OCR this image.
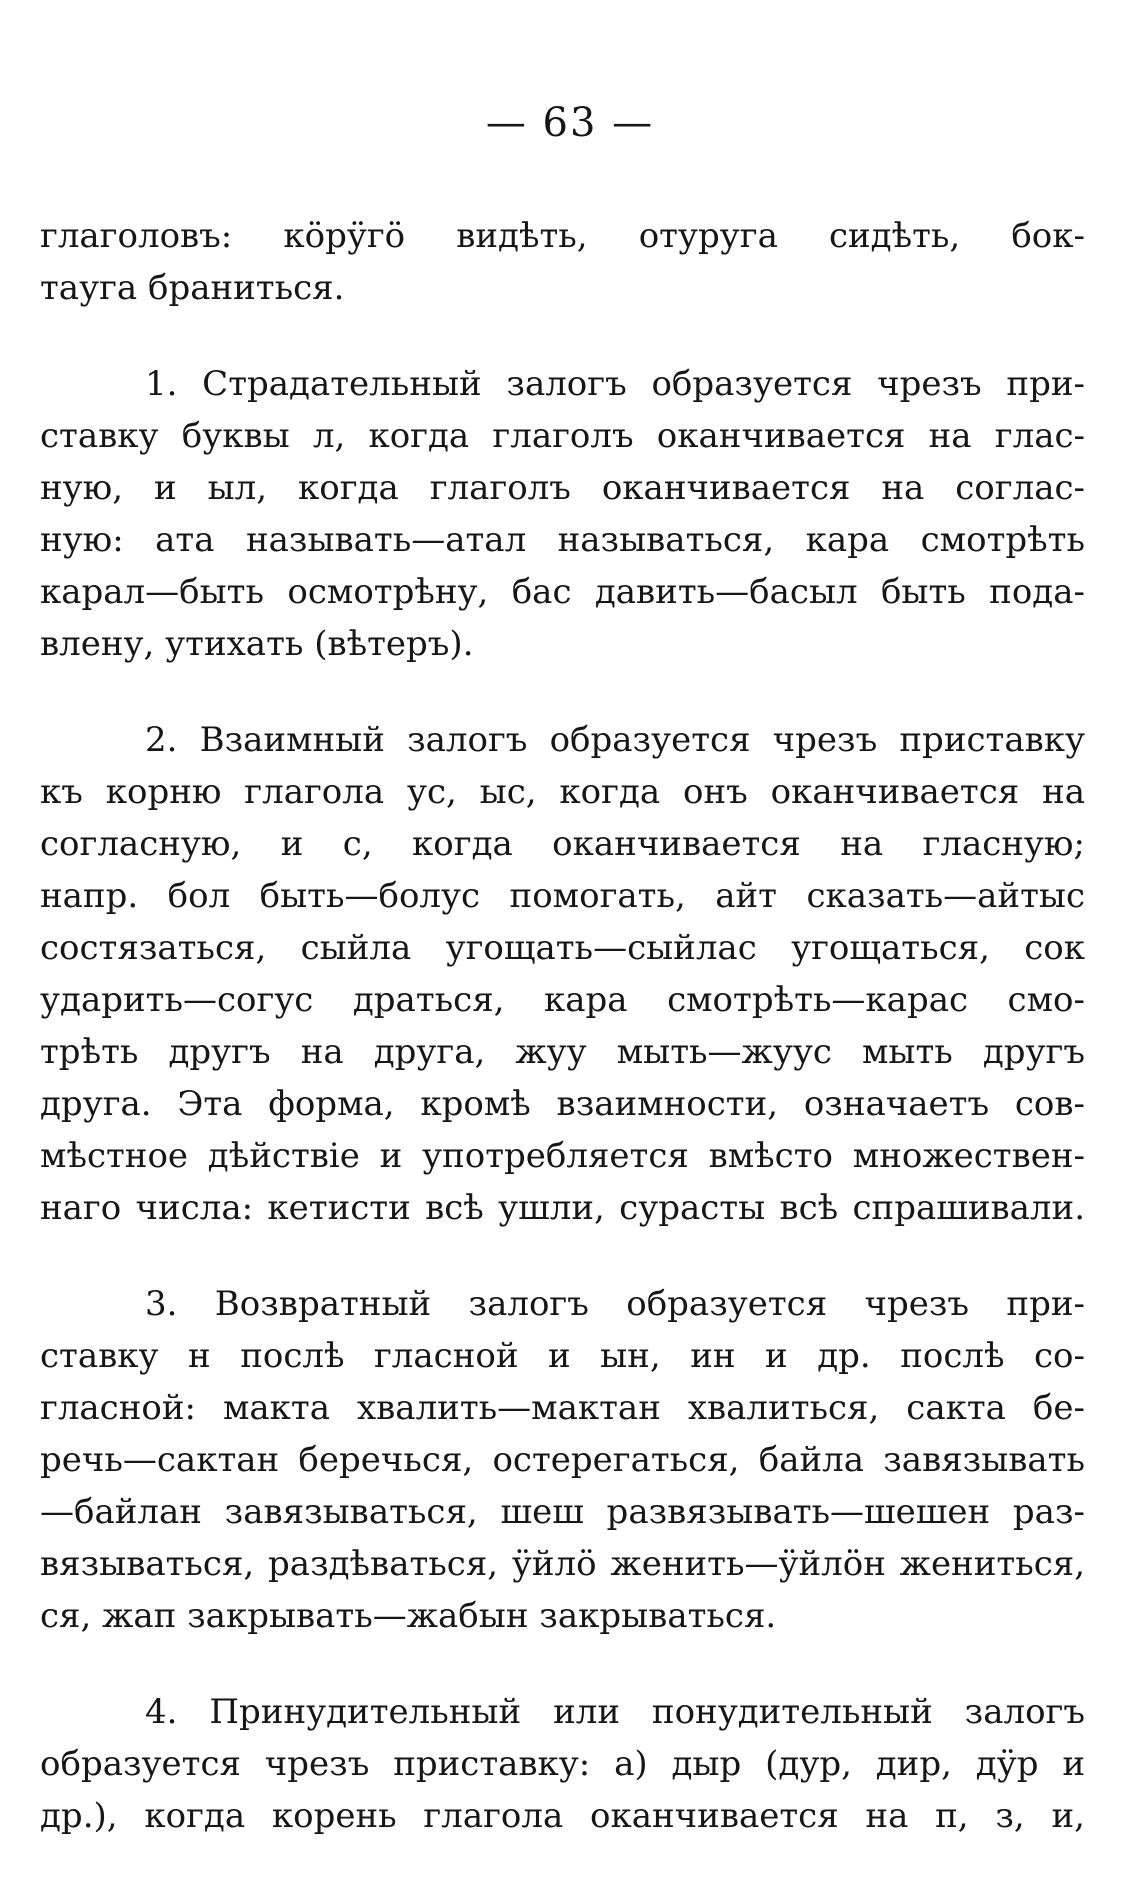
— 63 —
глаголовъ: кӧрӱгӧ видѣть, отуруга сидѣть, бок-
тауга браниться.
1. Страдательный залогъ образуется чрезъ при-
ставку буквы л, когда глаголъ оканчивается на глас-
ную, и ыл, когда глаголъ оканчивается на соглас-
ную: ата называть—атал называться, кара смотрѣть
карал—быть осмотрѣну, бас давить—басыл быть пода-
влену, утихать (вѣтеръ).
2. Взаимный залогъ образуется чрезъ приставку
къ корню глагола ус, ыс, когда онъ оканчивается на
согласную, и с, когда оканчивается на гласную;
напр. бол быть—болус помогать, айт сказать—айтыс
состязаться, сыйла угощать—сыйлас угощаться, сок
ударить—согус драться, кара смотрѣть—карас смо-
трѣть другъ на друга, жуу мыть—жуус мыть другъ
друга. Эта форма, кромѣ взаимности, означаетъ сов-
мѣстное дѣйствіе и употребляется вмѣсто множествен-
наго числа: кетисти всѣ ушли, сурасты всѣ спрашивали.
3. Возвратный залогъ образуется чрезъ при-
ставку н послѣ гласной и ын, ин и др. послѣ со-
гласной: макта хвалить—мактан хвалиться, сакта бе-
речь—сактан беречься, остерегаться, байла завязывать
—байлан завязываться, шеш развязывать—шешен раз-
вязываться, раздѣваться, ӱйлӧ женить—ӱйлӧн жениться,
ся, жап закрывать—жабын закрываться.
4. Принудительный или понудительный залогъ
образуется чрезъ приставку: а) дыр (дур, дир, дӱр и
др.), когда корень глагола оканчивается на п, з, и,
